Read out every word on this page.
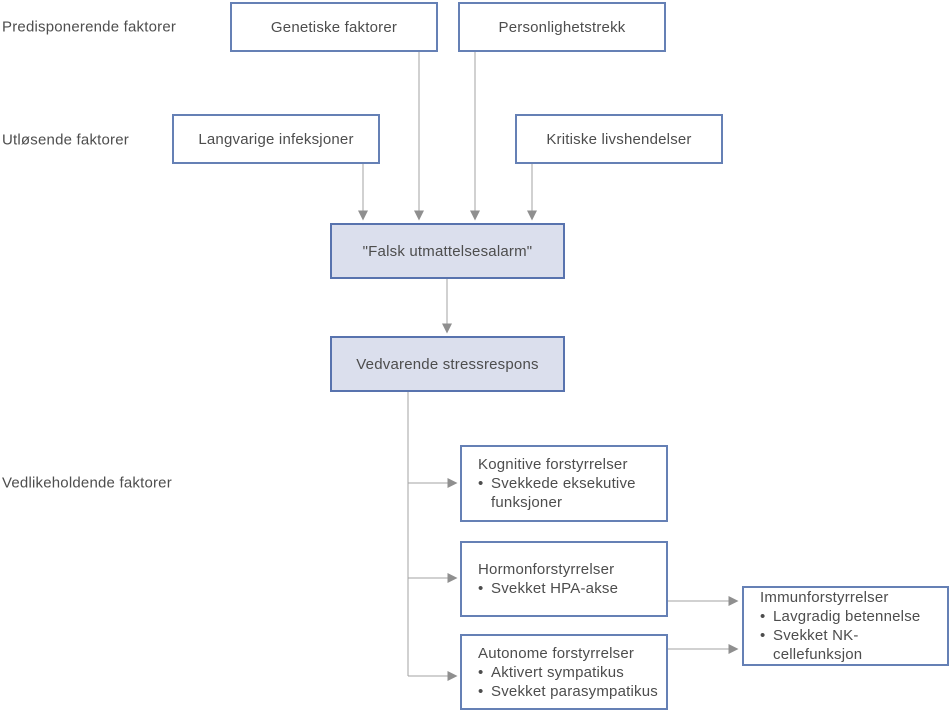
Predisponerende faktorer
Utløsende faktorer
Vedlikeholdende faktorer
Genetiske faktorer	Personlighetstrekk
Langvarige infeksjoner	Kritiske livshendelser
"Falsk utmattelsesalarm"
Vedvarende stressrespons
Kognitive forstyrrelser
• Svekkede eksekutive funksjoner
Hormonforstyrrelser
• Svekket HPA-akse
Autonome forstyrrelser
• Aktivert sympatikus
• Svekket parasympatikus
Immunforstyrrelser
• Lavgradig betennelse
• Svekket NK-cellefunksjon
